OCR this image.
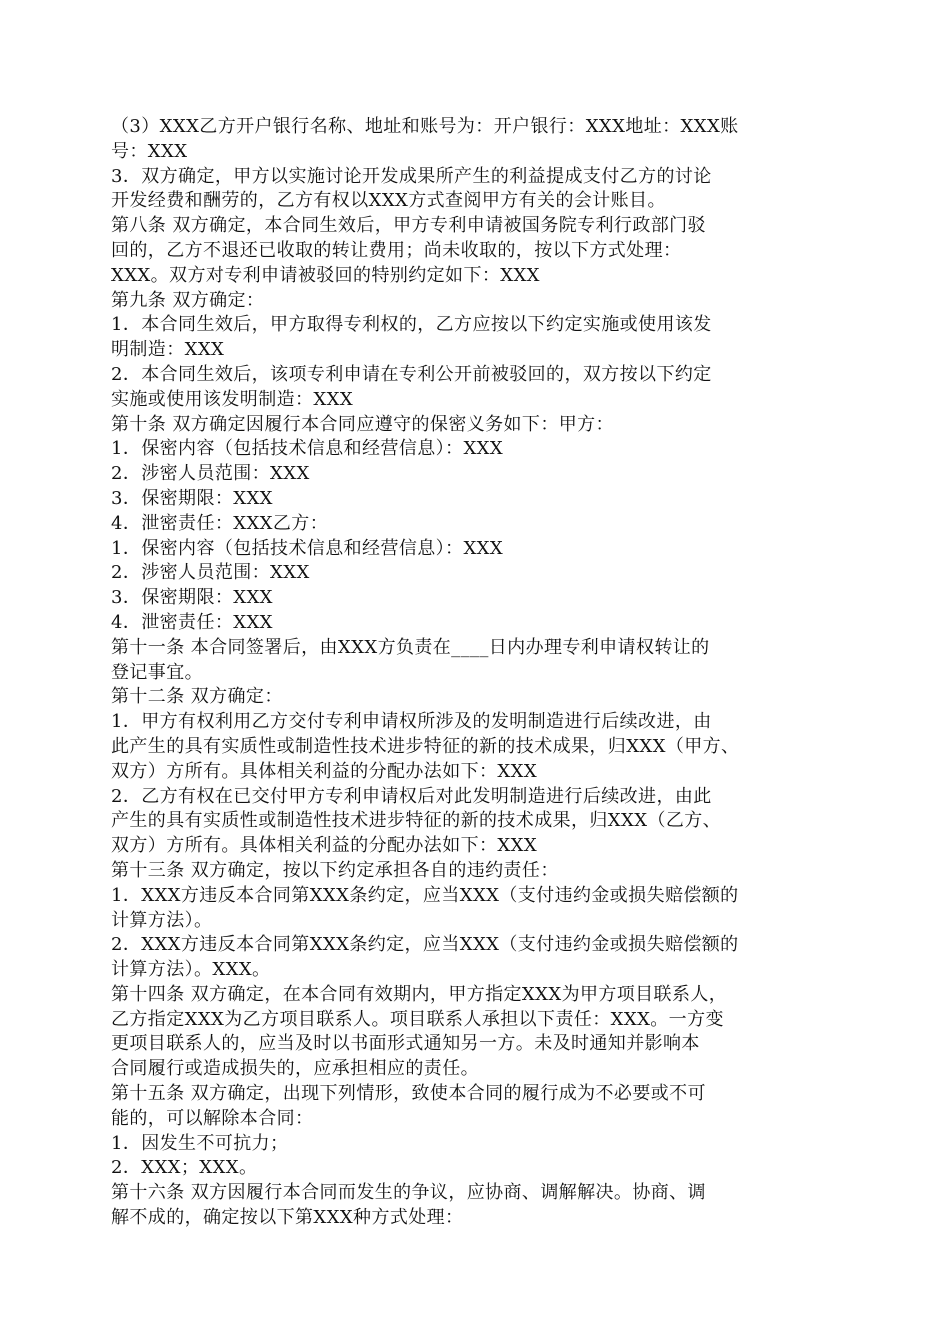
（3）XXX乙方开户银行名称、地址和账号为：开户银行：XXX地址：XXX账
号：XXX
3．双方确定，甲方以实施讨论开发成果所产生的利益提成支付乙方的讨论
开发经费和酬劳的，乙方有权以XXX方式查阅甲方有关的会计账目。
第八条 双方确定，本合同生效后，甲方专利申请被国务院专利行政部门驳
回的，乙方不退还已收取的转让费用；尚未收取的，按以下方式处理：
XXX。双方对专利申请被驳回的特别约定如下：XXX
第九条 双方确定：
1．本合同生效后，甲方取得专利权的，乙方应按以下约定实施或使用该发
明制造：XXX
2．本合同生效后，该项专利申请在专利公开前被驳回的，双方按以下约定
实施或使用该发明制造：XXX
第十条 双方确定因履行本合同应遵守的保密义务如下：甲方：
1．保密内容（包括技术信息和经营信息）：XXX
2．涉密人员范围：XXX
3．保密期限：XXX
4．泄密责任：XXX乙方：
1．保密内容（包括技术信息和经营信息）：XXX
2．涉密人员范围：XXX
3．保密期限：XXX
4．泄密责任：XXX
第十一条 本合同签署后，由XXX方负责在____日内办理专利申请权转让的
登记事宜。
第十二条 双方确定：
1．甲方有权利用乙方交付专利申请权所涉及的发明制造进行后续改进，由
此产生的具有实质性或制造性技术进步特征的新的技术成果，归XXX（甲方、
双方）方所有。具体相关利益的分配办法如下：XXX
2．乙方有权在已交付甲方专利申请权后对此发明制造进行后续改进，由此
产生的具有实质性或制造性技术进步特征的新的技术成果，归XXX（乙方、
双方）方所有。具体相关利益的分配办法如下：XXX
第十三条 双方确定，按以下约定承担各自的违约责任：
1．XXX方违反本合同第XXX条约定，应当XXX（支付违约金或损失赔偿额的
计算方法）。
2．XXX方违反本合同第XXX条约定，应当XXX（支付违约金或损失赔偿额的
计算方法）。XXX。
第十四条 双方确定，在本合同有效期内，甲方指定XXX为甲方项目联系人，
乙方指定XXX为乙方项目联系人。项目联系人承担以下责任：XXX。一方变
更项目联系人的，应当及时以书面形式通知另一方。未及时通知并影响本
合同履行或造成损失的，应承担相应的责任。
第十五条 双方确定，出现下列情形，致使本合同的履行成为不必要或不可
能的，可以解除本合同：
1．因发生不可抗力；
2．XXX；XXX。
第十六条 双方因履行本合同而发生的争议，应协商、调解解决。协商、调
解不成的，确定按以下第XXX种方式处理：
